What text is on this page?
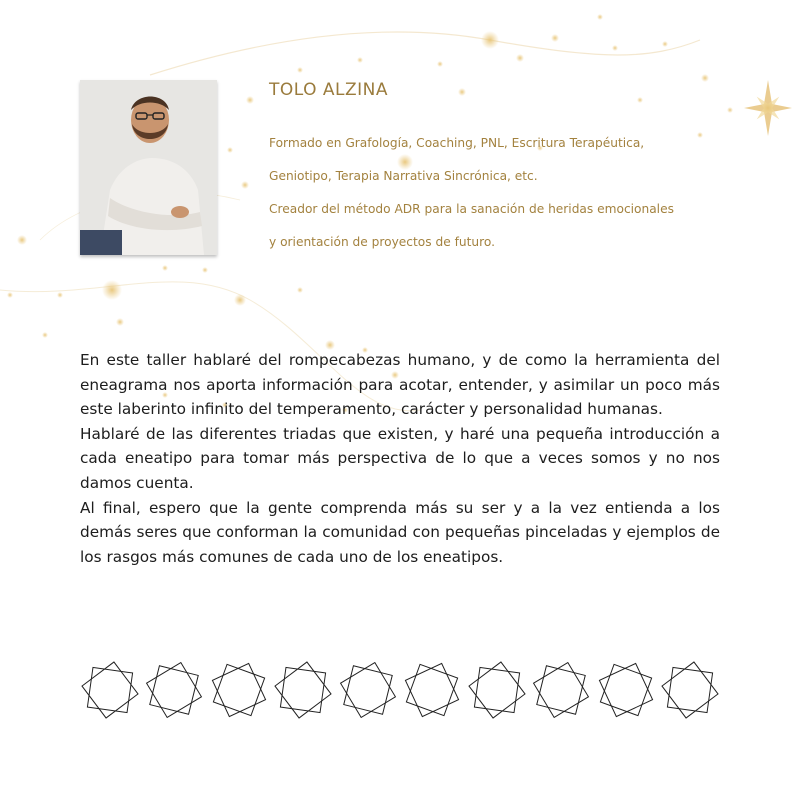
TOLO ALZINA
Formado en Grafología, Coaching, PNL, Escritura Terapéutica,
Geniotipo, Terapia Narrativa Sincrónica, etc.
Creador del método ADR para la sanación de heridas emocionales
y orientación de proyectos de futuro.

En este taller hablaré del rompecabezas humano, y de como la herramienta del eneagrama nos aporta información para acotar, entender, y asimilar un poco más este laberinto infinito del temperamento, carácter y personalidad humanas.

Hablaré de las diferentes triadas que existen, y haré una pequeña introducción a cada eneatipo para tomar más perspectiva de lo que a veces somos y no nos damos cuenta.

Al final, espero que la gente comprenda más su ser y a la vez entienda a los demás seres que conforman la comunidad con pequeñas pinceladas y ejemplos de los rasgos más comunes de cada uno de los eneatipos.
